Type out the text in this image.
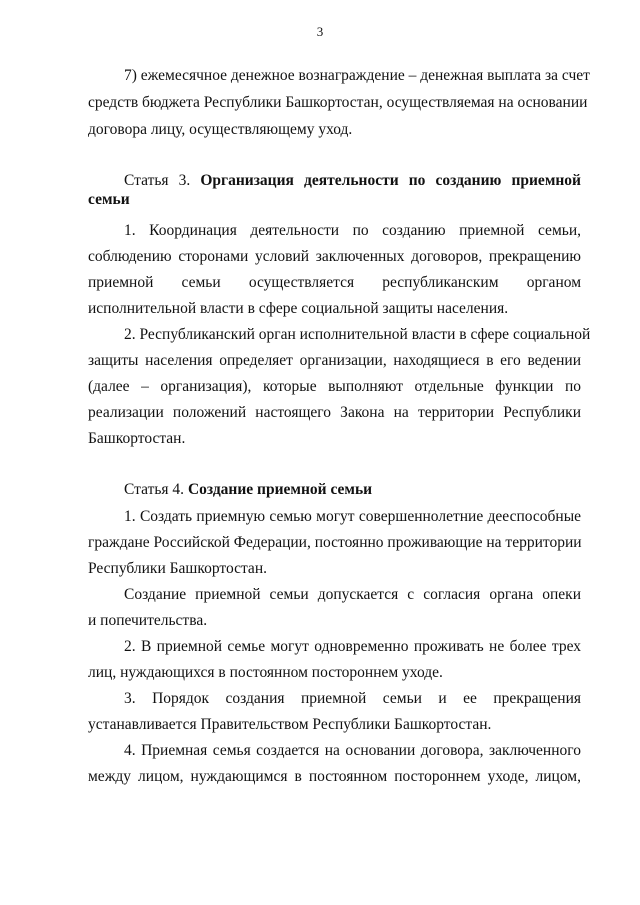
3
7) ежемесячное денежное вознаграждение – денежная выплата за счет
средств бюджета Республики Башкортостан, осуществляемая на основании
договора лицу, осуществляющему уход.
Статья 3. Организация деятельности по созданию приемной
семьи
1. Координация деятельности по созданию приемной семьи,
соблюдению сторонами условий заключенных договоров, прекращению
приемной семьи осуществляется республиканским органом
исполнительной власти в сфере социальной защиты населения.
2. Республиканский орган исполнительной власти в сфере социальной
защиты населения определяет организации, находящиеся в его ведении
(далее – организация), которые выполняют отдельные функции по
реализации положений настоящего Закона на территории Республики
Башкортостан.
Статья 4. Создание приемной семьи
1. Создать приемную семью могут совершеннолетние дееспособные
граждане Российской Федерации, постоянно проживающие на территории
Республики Башкортостан.
Создание приемной семьи допускается с согласия органа опеки
и попечительства.
2. В приемной семье могут одновременно проживать не более трех
лиц, нуждающихся в постоянном постороннем уходе.
3. Порядок создания приемной семьи и ее прекращения
устанавливается Правительством Республики Башкортостан.
4. Приемная семья создается на основании договора, заключенного
между лицом, нуждающимся в постоянном постороннем уходе, лицом,
